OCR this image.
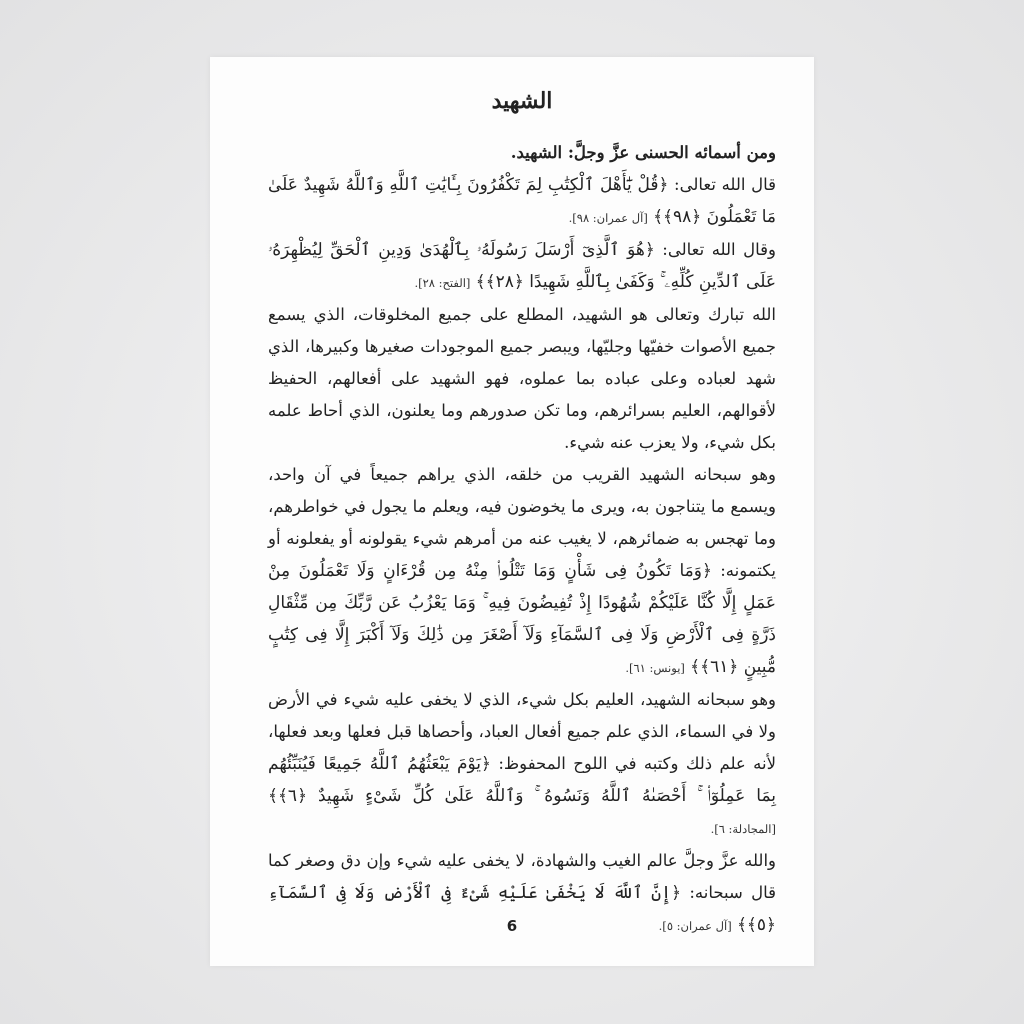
الشهيد

ومن أسمائه الحسنى عزَّ وجلَّ: الشهيد.

قال الله تعالى: ﴿قُلْ يَٰٓأَهْلَ ٱلْكِتَٰبِ لِمَ تَكْفُرُونَ بِـَٔايَٰتِ ٱللَّهِ وَٱللَّهُ شَهِيدٌ عَلَىٰ مَا تَعْمَلُونَ ﴿٩٨﴾﴾ [آل عمران: ٩٨].

وقال الله تعالى: ﴿هُوَ ٱلَّذِىٓ أَرْسَلَ رَسُولَهُۥ بِٱلْهُدَىٰ وَدِينِ ٱلْحَقِّ لِيُظْهِرَهُۥ عَلَى ٱلدِّينِ كُلِّهِۦ ۚ وَكَفَىٰ بِٱللَّهِ شَهِيدًا ﴿٢٨﴾﴾ [الفتح: ٢٨].

الله تبارك وتعالى هو الشهيد، المطلع على جميع المخلوقات، الذي يسمع جميع الأصوات خفيّها وجليّها، ويبصر جميع الموجودات صغيرها وكبيرها، الذي شهد لعباده وعلى عباده بما عملوه، فهو الشهيد على أفعالهم، الحفيظ لأقوالهم، العليم بسرائرهم، وما تكن صدورهم وما يعلنون، الذي أحاط علمه بكل شيء، ولا يعزب عنه شيء.

وهو سبحانه الشهيد القريب من خلقه، الذي يراهم جميعاً في آن واحد، ويسمع ما يتناجون به، ويرى ما يخوضون فيه، ويعلم ما يجول في خواطرهم، وما تهجس به ضمائرهم، لا يغيب عنه من أمرهم شيء يقولونه أو يفعلونه أو يكتمونه: ﴿وَمَا تَكُونُ فِى شَأْنٍ وَمَا تَتْلُوا۟ مِنْهُ مِن قُرْءَانٍ وَلَا تَعْمَلُونَ مِنْ عَمَلٍ إِلَّا كُنَّا عَلَيْكُمْ شُهُودًا إِذْ تُفِيضُونَ فِيهِ ۚ وَمَا يَعْزُبُ عَن رَّبِّكَ مِن مِّثْقَالِ ذَرَّةٍ فِى ٱلْأَرْضِ وَلَا فِى ٱلسَّمَآءِ وَلَآ أَصْغَرَ مِن ذَٰلِكَ وَلَآ أَكْبَرَ إِلَّا فِى كِتَٰبٍ مُّبِينٍ ﴿٦١﴾﴾ [يونس: ٦١].

وهو سبحانه الشهيد، العليم بكل شيء، الذي لا يخفى عليه شيء في الأرض ولا في السماء، الذي علم جميع أفعال العباد، وأحصاها قبل فعلها وبعد فعلها، لأنه علم ذلك وكتبه في اللوح المحفوظ: ﴿يَوْمَ يَبْعَثُهُمُ ٱللَّهُ جَمِيعًا فَيُنَبِّئُهُم بِمَا عَمِلُوٓا۟ ۚ أَحْصَىٰهُ ٱللَّهُ وَنَسُوهُ ۚ وَٱللَّهُ عَلَىٰ كُلِّ شَىْءٍ شَهِيدٌ ﴿٦﴾﴾ [المجادلة: ٦].

والله عزَّ وجلَّ عالم الغيب والشهادة، لا يخفى عليه شيء وإن دق وصغر كما قال سبحانه: ﴿إِنَّ ٱللَّهَ لَا يَخْفَىٰ عَلَيْهِ شَىْءٌ فِى ٱلْأَرْضِ وَلَا فِى ٱلسَّمَآءِ ﴿٥﴾﴾ [آل عمران: ٥].

6
